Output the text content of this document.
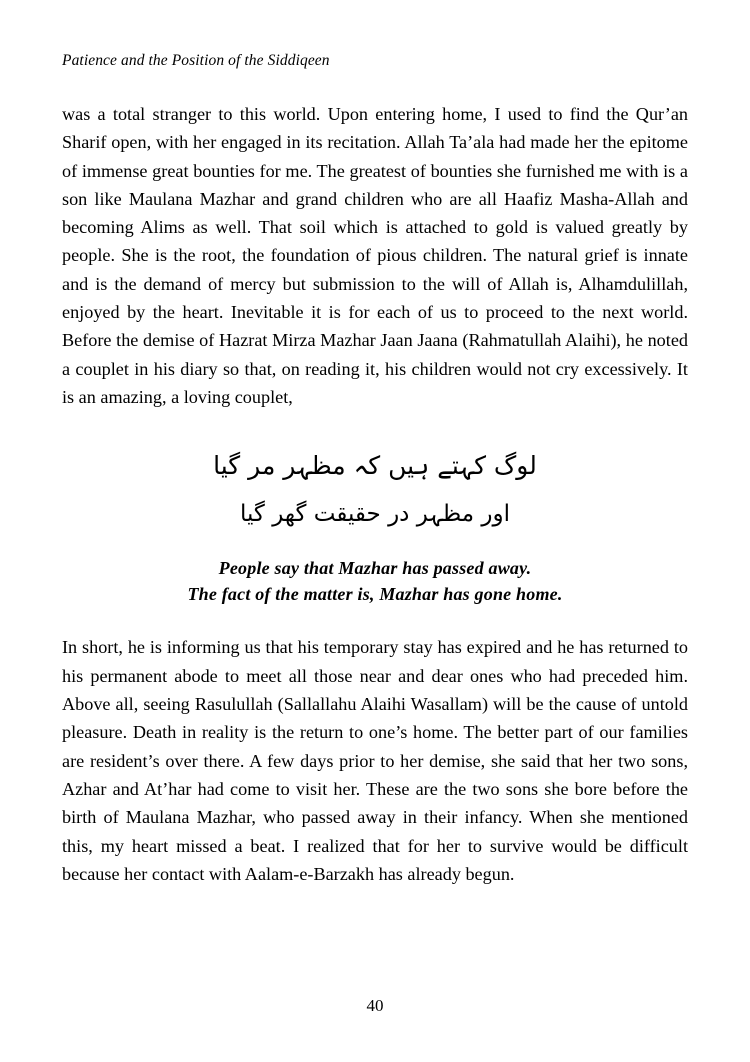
Patience and the Position of the Siddiqeen

was a total stranger to this world. Upon entering home, I used to find the Qur’an Sharif open, with her engaged in its recitation. Allah Ta’ala had made her the epitome of immense great bounties for me. The greatest of bounties she furnished me with is a son like Maulana Mazhar and grand children who are all Haafiz Masha-Allah and becoming Alims as well. That soil which is attached to gold is valued greatly by people. She is the root, the foundation of pious children. The natural grief is innate and is the demand of mercy but submission to the will of Allah is, Alhamdulillah, enjoyed by the heart. Inevitable it is for each of us to proceed to the next world. Before the demise of Hazrat Mirza Mazhar Jaan Jaana (Rahmatullah Alaihi), he noted a couplet in his diary so that, on reading it, his children would not cry excessively. It is an amazing, a loving couplet,

لوگ کہتے ہیں کہ مظہر مر گیا
اور مظہر در حقیقت گھر گیا
People say that Mazhar has passed away.
The fact of the matter is, Mazhar has gone home.

In short, he is informing us that his temporary stay has expired and he has returned to his permanent abode to meet all those near and dear ones who had preceded him. Above all, seeing Rasulullah (Sallallahu Alaihi Wasallam) will be the cause of untold pleasure. Death in reality is the return to one’s home. The better part of our families are resident’s over there. A few days prior to her demise, she said that her two sons, Azhar and At’har had come to visit her. These are the two sons she bore before the birth of Maulana Mazhar, who passed away in their infancy. When she mentioned this, my heart missed a beat. I realized that for her to survive would be difficult because her contact with Aalam-e-Barzakh has already begun.

40
